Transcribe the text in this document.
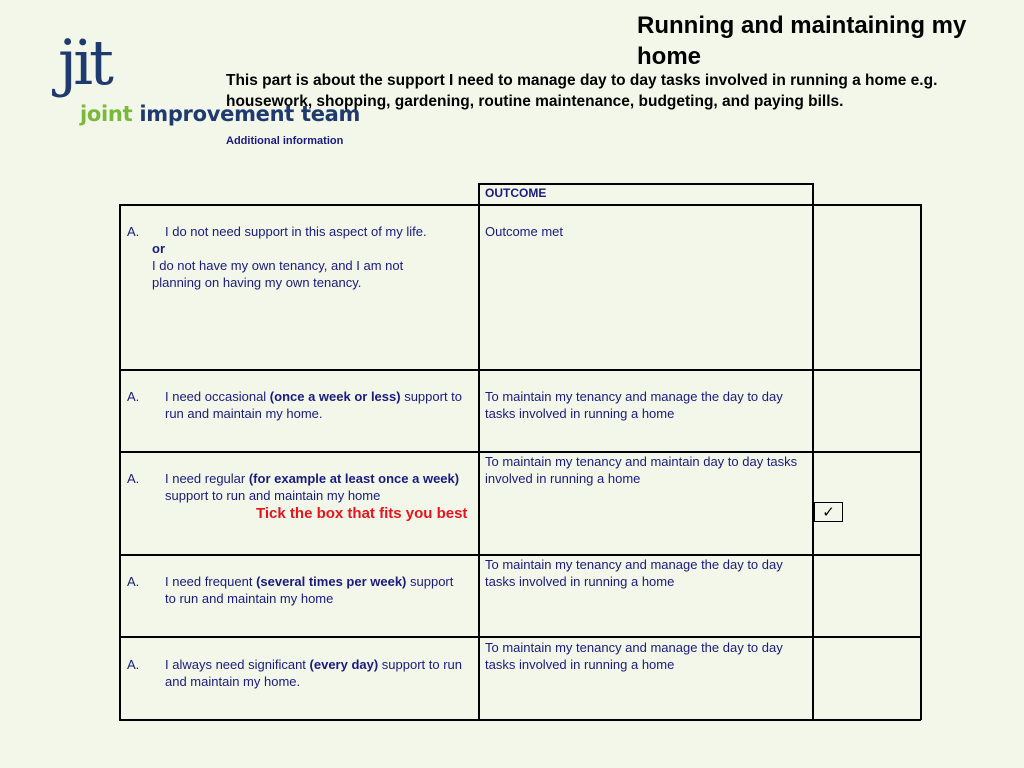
jit
joint improvement team
Running and maintaining my home
This part is about the support I need to manage day to day tasks involved in running a home e.g. housework, shopping, gardening, routine maintenance, budgeting, and paying bills.
Additional information
OUTCOME
A. I do not need support in this aspect of my life.
or
I do not have my own tenancy, and I am not planning on having my own tenancy.
Outcome met
A. I need occasional (once a week or less) support to run and maintain my home.
To maintain my tenancy and manage the day to day tasks involved in running a home
A. I need regular (for example at least once a week) support to run and maintain my home
To maintain my tenancy and maintain day to day tasks involved in running a home
Tick the box that fits you best	✓
A. I need frequent (several times per week) support to run and maintain my home
To maintain my tenancy and manage the day to day tasks involved in running a home
A. I always need significant (every day) support to run and maintain my home.
To maintain my tenancy and manage the day to day tasks involved in running a home
